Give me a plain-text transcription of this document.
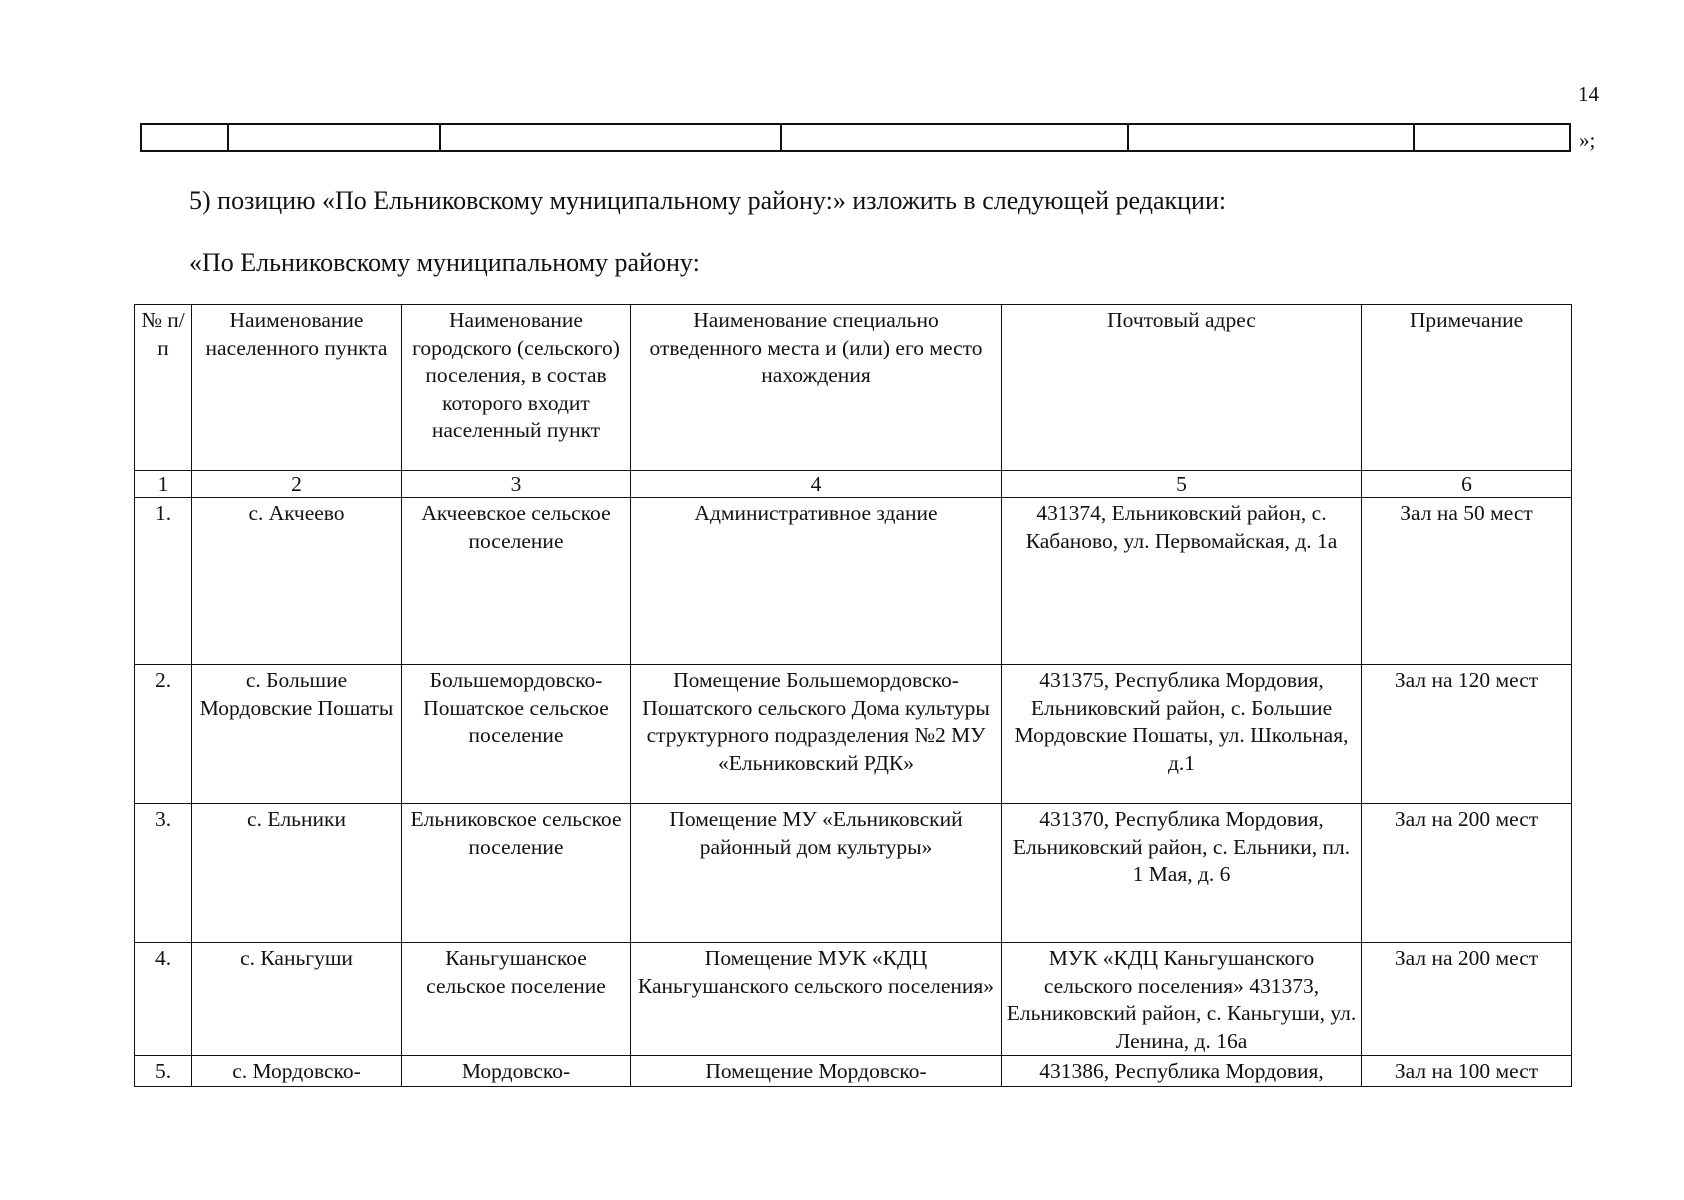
14

»;
5) позицию «По Ельниковскому муниципальному району:» изложить в следующей редакции:
«По Ельниковскому муниципальному району:
№ п/п	Наименование населенного пункта	Наименование городского (сельского) поселения, в состав которого входит населенный пункт	Наименование специально отведенного места и (или) его место нахождения	Почтовый адрес	Примечание
1	2	3	4	5	6
1.	с. Акчеево	Акчеевское сельское поселение	Административное здание	431374, Ельниковский район, с. Кабаново, ул. Первомайская, д. 1а	Зал на 50 мест
2.	с. Большие Мордовские Пошаты	Большемордовско-Пошатское сельское поселение	Помещение Большемордовско-Пошатского сельского Дома культуры структурного подразделения №2 МУ «Ельниковский РДК»	431375, Республика Мордовия, Ельниковский район, с. Большие Мордовские Пошаты, ул. Школьная, д.1	Зал на 120 мест
3.	с. Ельники	Ельниковское сельское поселение	Помещение МУ «Ельниковский районный дом культуры»	431370, Республика Мордовия, Ельниковский район, с. Ельники, пл. 1 Мая, д. 6	Зал на 200 мест
4.	с. Каньгуши	Каньгушанское сельское поселение	Помещение МУК «КДЦ Каньгушанского сельского поселения»	МУК «КДЦ Каньгушанского сельского поселения» 431373, Ельниковский район, с. Каньгуши, ул. Ленина, д. 16а	Зал на 200 мест
5.	с. Мордовско-	Мордовско-	Помещение Мордовско-	431386, Республика Мордовия,	Зал на 100 мест
